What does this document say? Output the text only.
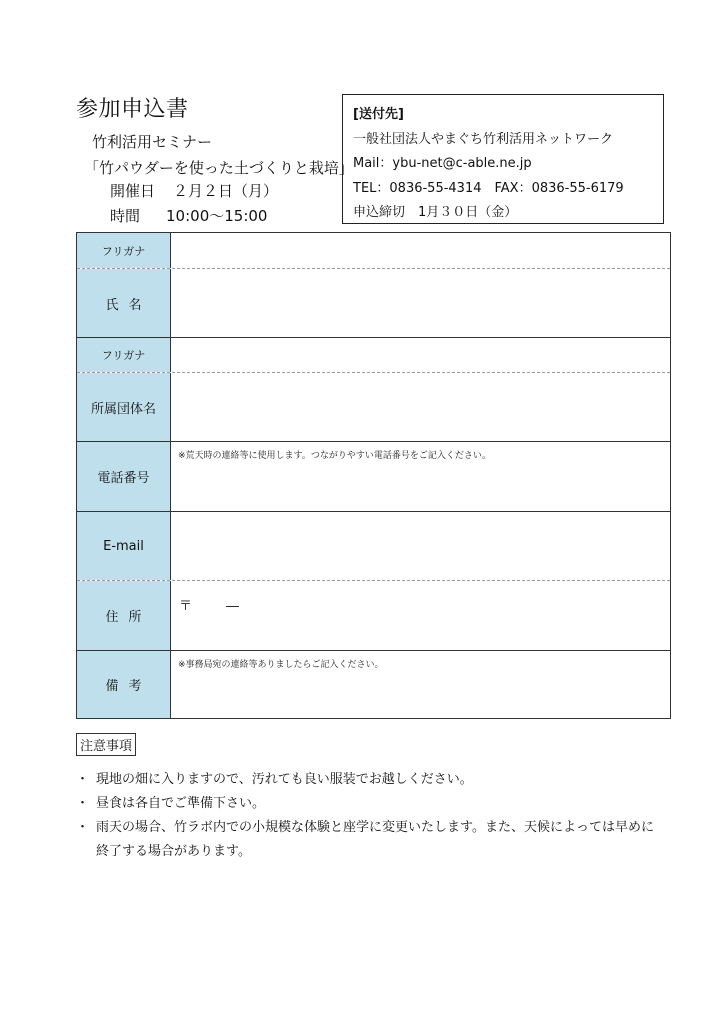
参加申込書
竹利活用セミナー
「竹パウダーを使った土づくりと栽培」
開催日 ２月２日（月）
時間 10:00～15:00
[送付先]
一般社団法人やまぐち竹利活用ネットワーク
Mail：ybu-net@c-able.ne.jp
TEL：0836-55-4314　FAX：0836-55-6179
申込締切　1月３０日（金）
フリガナ
氏名
フリガナ
所属団体名
電話番号
※荒天時の連絡等に使用します。つながりやすい電話番号をご記入ください。
E-mail
住所
〒	―
備考
※事務局宛の連絡等ありましたらご記入ください。
注意事項
・ 現地の畑に入りますので、汚れても良い服装でお越しください。
・ 昼食は各自でご準備下さい。
・ 雨天の場合、竹ラボ内での小規模な体験と座学に変更いたします。また、天候によっては早めに終了する場合があります。
